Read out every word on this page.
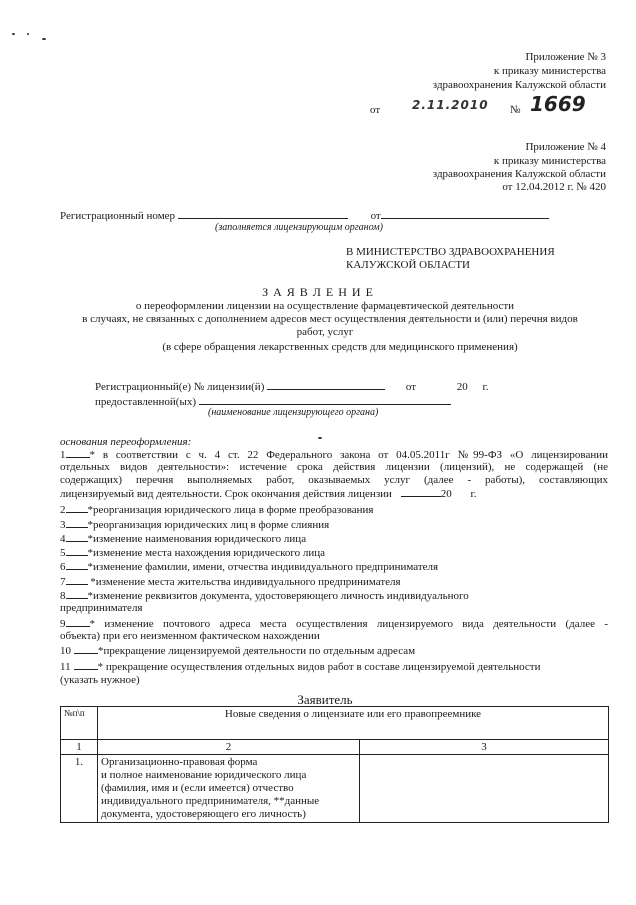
Приложение № 3
к приказу министерства
здравоохранения Калужской области
от	2.11.2010 № 1669
Приложение № 4
к приказу министерства
здравоохранения Калужской области
от 12.04.2012 г. № 420
Регистрационный номер	от
(заполняется лицензирующим органом)
В МИНИСТЕРСТВО ЗДРАВООХРАНЕНИЯ
КАЛУЖСКОЙ ОБЛАСТИ
З А Я В Л Е Н И Е
о переоформлении лицензии на осуществление фармацевтической деятельности
в случаях, не связанных с дополнением адресов мест осуществления деятельности и (или) перечня видов
работ, услуг
(в сфере обращения лекарственных средств для медицинского применения)
Регистрационный(е) № лицензии(й)	от	20 г.
предоставленной(ых)
(наименование лицензирующего органа)
основания переоформления:
1 * в соответствии с ч. 4 ст. 22 Федерального закона от 04.05.2011г №99-ФЗ «О лицензировании
отдельных видов деятельности»: истечение срока действия лицензии (лицензий), не содержащей (не
содержащих) перечня выполняемых работ, оказываемых услуг (далее - работы), составляющих
лицензируемый вид деятельности. Срок окончания действия лицензии	20 г.
2 *реорганизация юридического лица в форме преобразования
3 *реорганизация юридических лиц в форме слияния
4 *изменение наименования юридического лица
5 *изменение места нахождения юридического лица
6 *изменение фамилии, имени, отчества индивидуального предпринимателя
7 *изменение места жительства индивидуального предпринимателя
8 *изменение реквизитов документа, удостоверяющего личность индивидуального
предпринимателя
9 * изменение почтового адреса места осуществления лицензируемого вида деятельности (далее -
объекта) при его неизменном фактическом нахождении
10 *прекращение лицензируемой деятельности по отдельным адресам
11 * прекращение осуществления отдельных видов работ в составе лицензируемой деятельности
(указать нужное)
Заявитель
№п\п	Новые сведения о лицензиате или его правопреемнике	
1	2	3
1.	Организационно-правовая форма
и полное наименование юридического лица
(фамилия, имя и (если имеется) отчество
индивидуального предпринимателя, **данные
документа, удостоверяющего его личность)	
